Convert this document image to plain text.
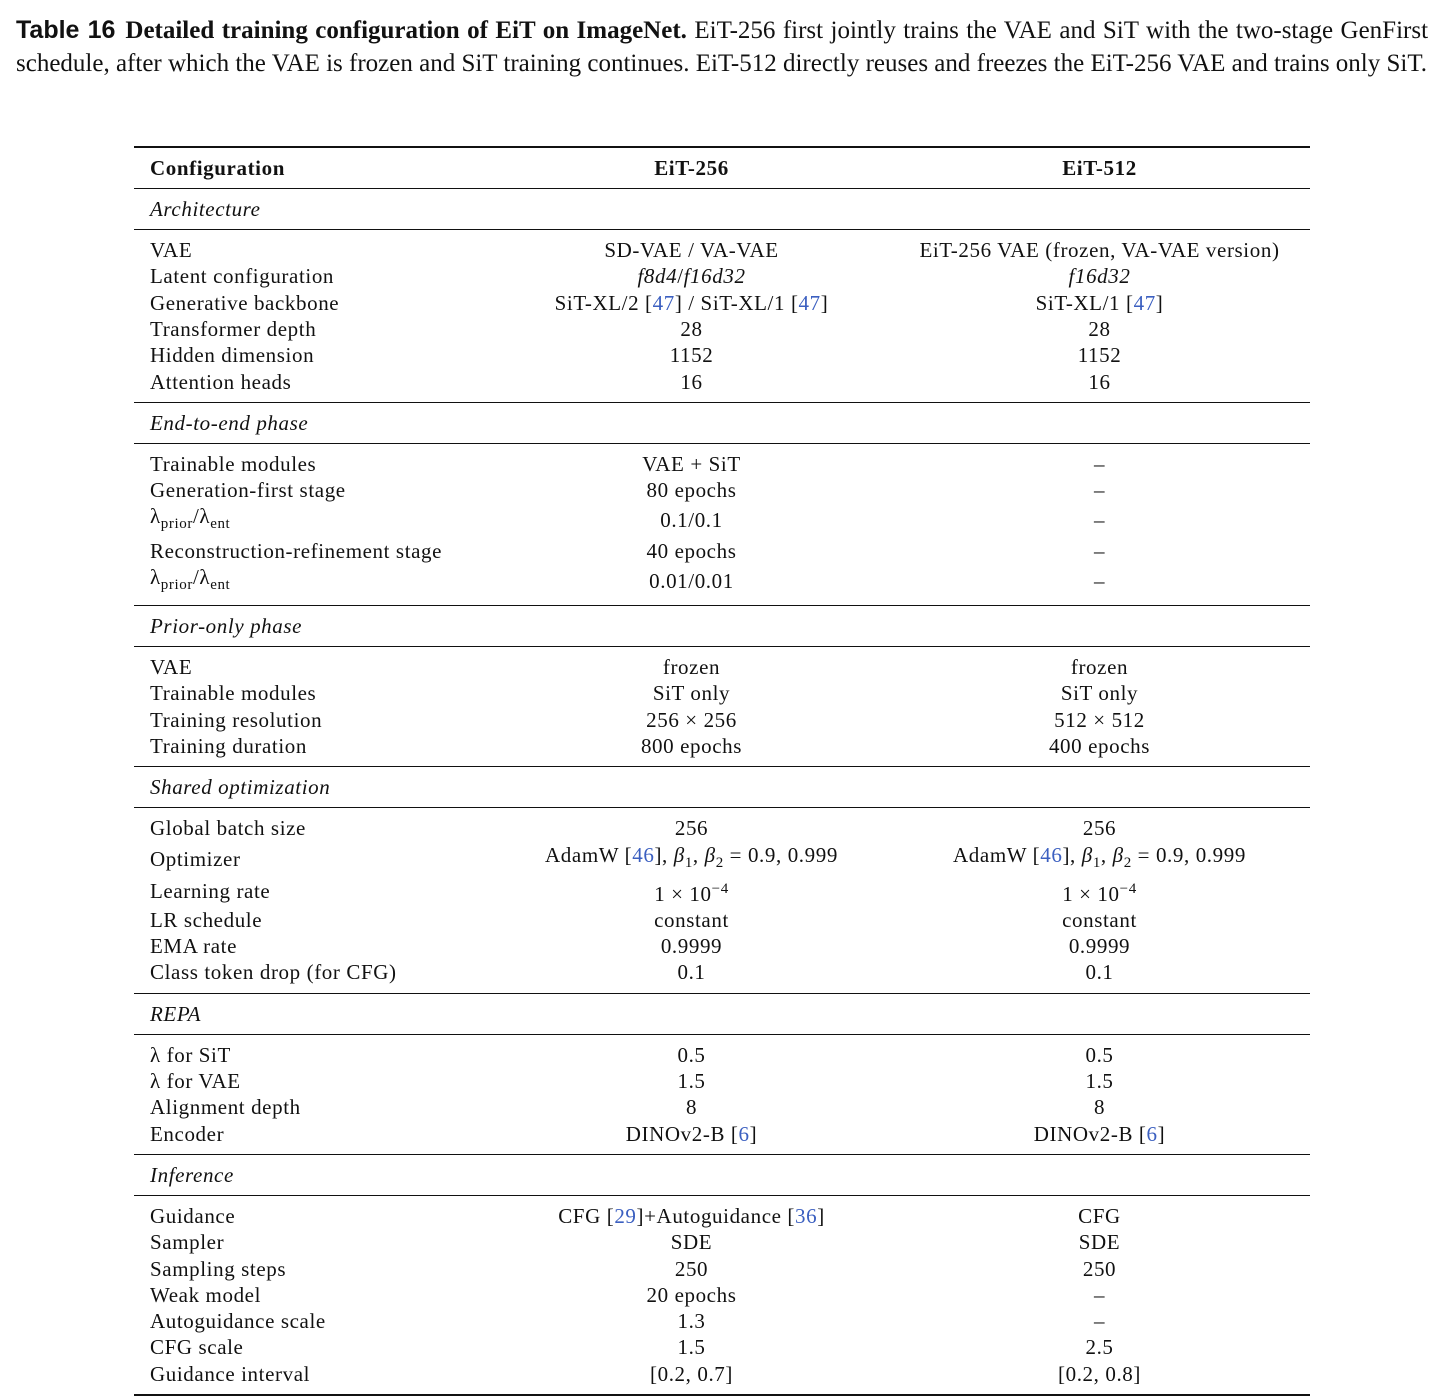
Table 16 Detailed training configuration of EiT on ImageNet. EiT-256 first jointly trains the VAE and SiT with the two-stage GenFirst schedule, after which the VAE is frozen and SiT training continues. EiT-512 directly reuses and freezes the EiT-256 VAE and trains only SiT.
Configuration	EiT-256	EiT-512
Architecture		
VAE	SD-VAE / VA-VAE	EiT-256 VAE (frozen, VA-VAE version)
Latent configuration	f8d4/f16d32	f16d32
Generative backbone	SiT-XL/2 [47] / SiT-XL/1 [47]	SiT-XL/1 [47]
Transformer depth	28	28
Hidden dimension	1152	1152
Attention heads	16	16
End-to-end phase		
Trainable modules	VAE + SiT	–
Generation-first stage	80 epochs	–
$\lambda_{prior}/\lambda_{ent}$	0.1/0.1	–
Reconstruction-refinement stage	40 epochs	–
$\lambda_{prior}/\lambda_{ent}$	0.01/0.01	–
Prior-only phase		
VAE	frozen	frozen
Trainable modules	SiT only	SiT only
Training resolution	256 × 256	512 × 512
Training duration	800 epochs	400 epochs
Shared optimization		
Global batch size	256	256
Optimizer	AdamW [46], $\beta_1$, $\beta_2 = 0.9$, 0.999	AdamW [46], $\beta_1$, $\beta_2 = 0.9$, 0.999
Learning rate	$1 \times 10^{-4}$	$1 \times 10^{-4}$
LR schedule	constant	constant
EMA rate	0.9999	0.9999
Class token drop (for CFG)	0.1	0.1
REPA		
λ for SiT	0.5	0.5
λ for VAE	1.5	1.5
Alignment depth	8	8
Encoder	DINOv2-B [6]	DINOv2-B [6]
Inference		
Guidance	CFG [29]+Autoguidance [36]	CFG
Sampler	SDE	SDE
Sampling steps	250	250
Weak model	20 epochs	–
Autoguidance scale	1.3	–
CFG scale	1.5	2.5
Guidance interval	[0.2, 0.7]	[0.2, 0.8]
